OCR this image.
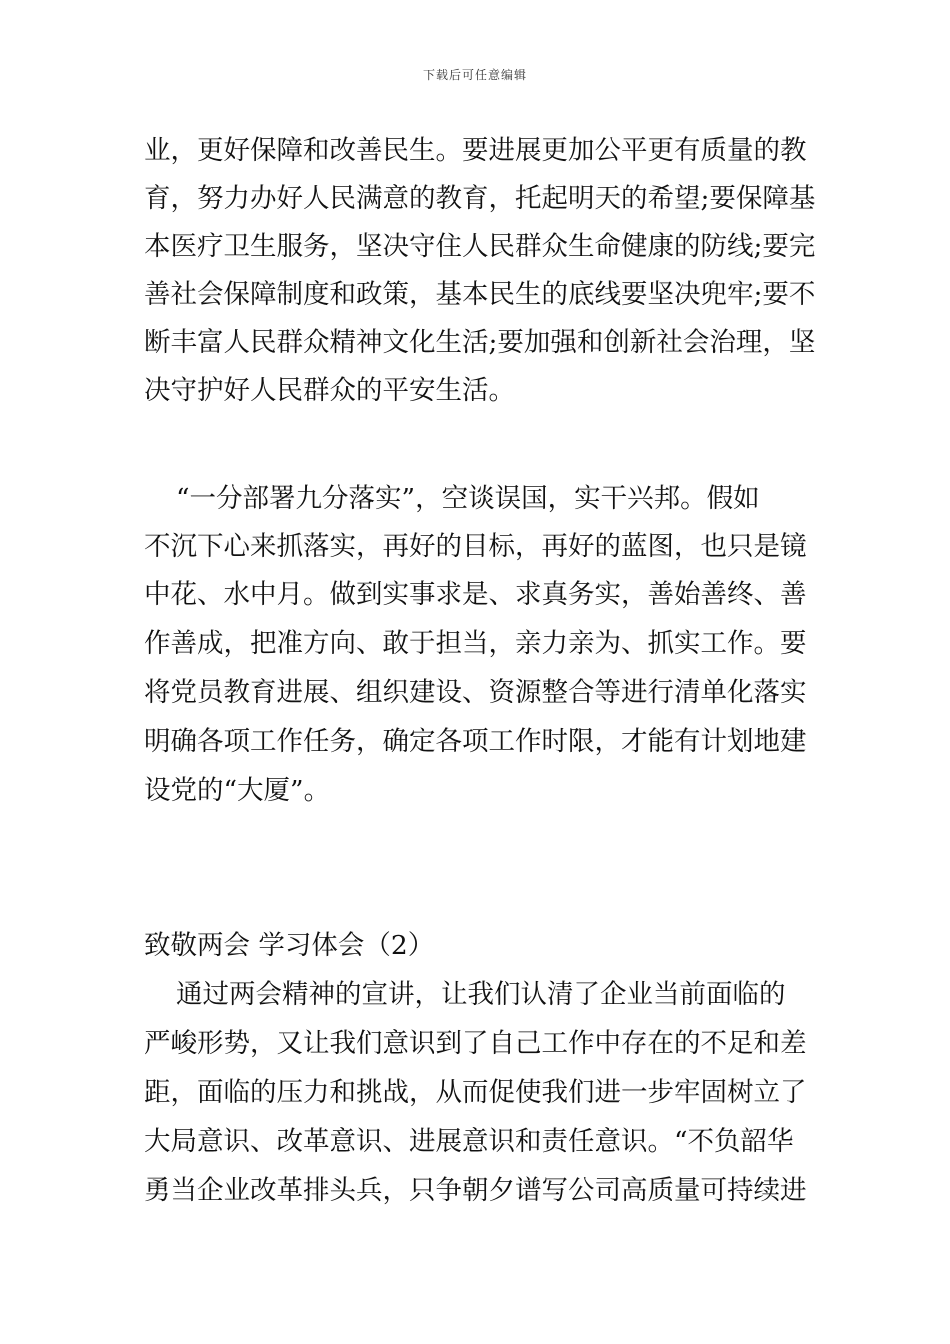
下载后可任意编辑
业，更好保障和改善民生。要进展更加公平更有质量的教
育，努力办好人民满意的教育，托起明天的希望;要保障基
本医疗卫生服务，坚决守住人民群众生命健康的防线;要完
善社会保障制度和政策，基本民生的底线要坚决兜牢;要不
断丰富人民群众精神文化生活;要加强和创新社会治理，坚
决守护好人民群众的平安生活。
“一分部署九分落实”，空谈误国，实干兴邦。假如
不沉下心来抓落实，再好的目标，再好的蓝图，也只是镜
中花、水中月。做到实事求是、求真务实，善始善终、善
作善成，把准方向、敢于担当，亲力亲为、抓实工作。要
将党员教育进展、组织建设、资源整合等进行清单化落实
明确各项工作任务，确定各项工作时限，才能有计划地建
设党的“大厦”。
致敬两会 学习体会（2）
通过两会精神的宣讲，让我们认清了企业当前面临的
严峻形势，又让我们意识到了自己工作中存在的不足和差
距，面临的压力和挑战，从而促使我们进一步牢固树立了
大局意识、改革意识、进展意识和责任意识。“不负韶华
勇当企业改革排头兵，只争朝夕谱写公司高质量可持续进
